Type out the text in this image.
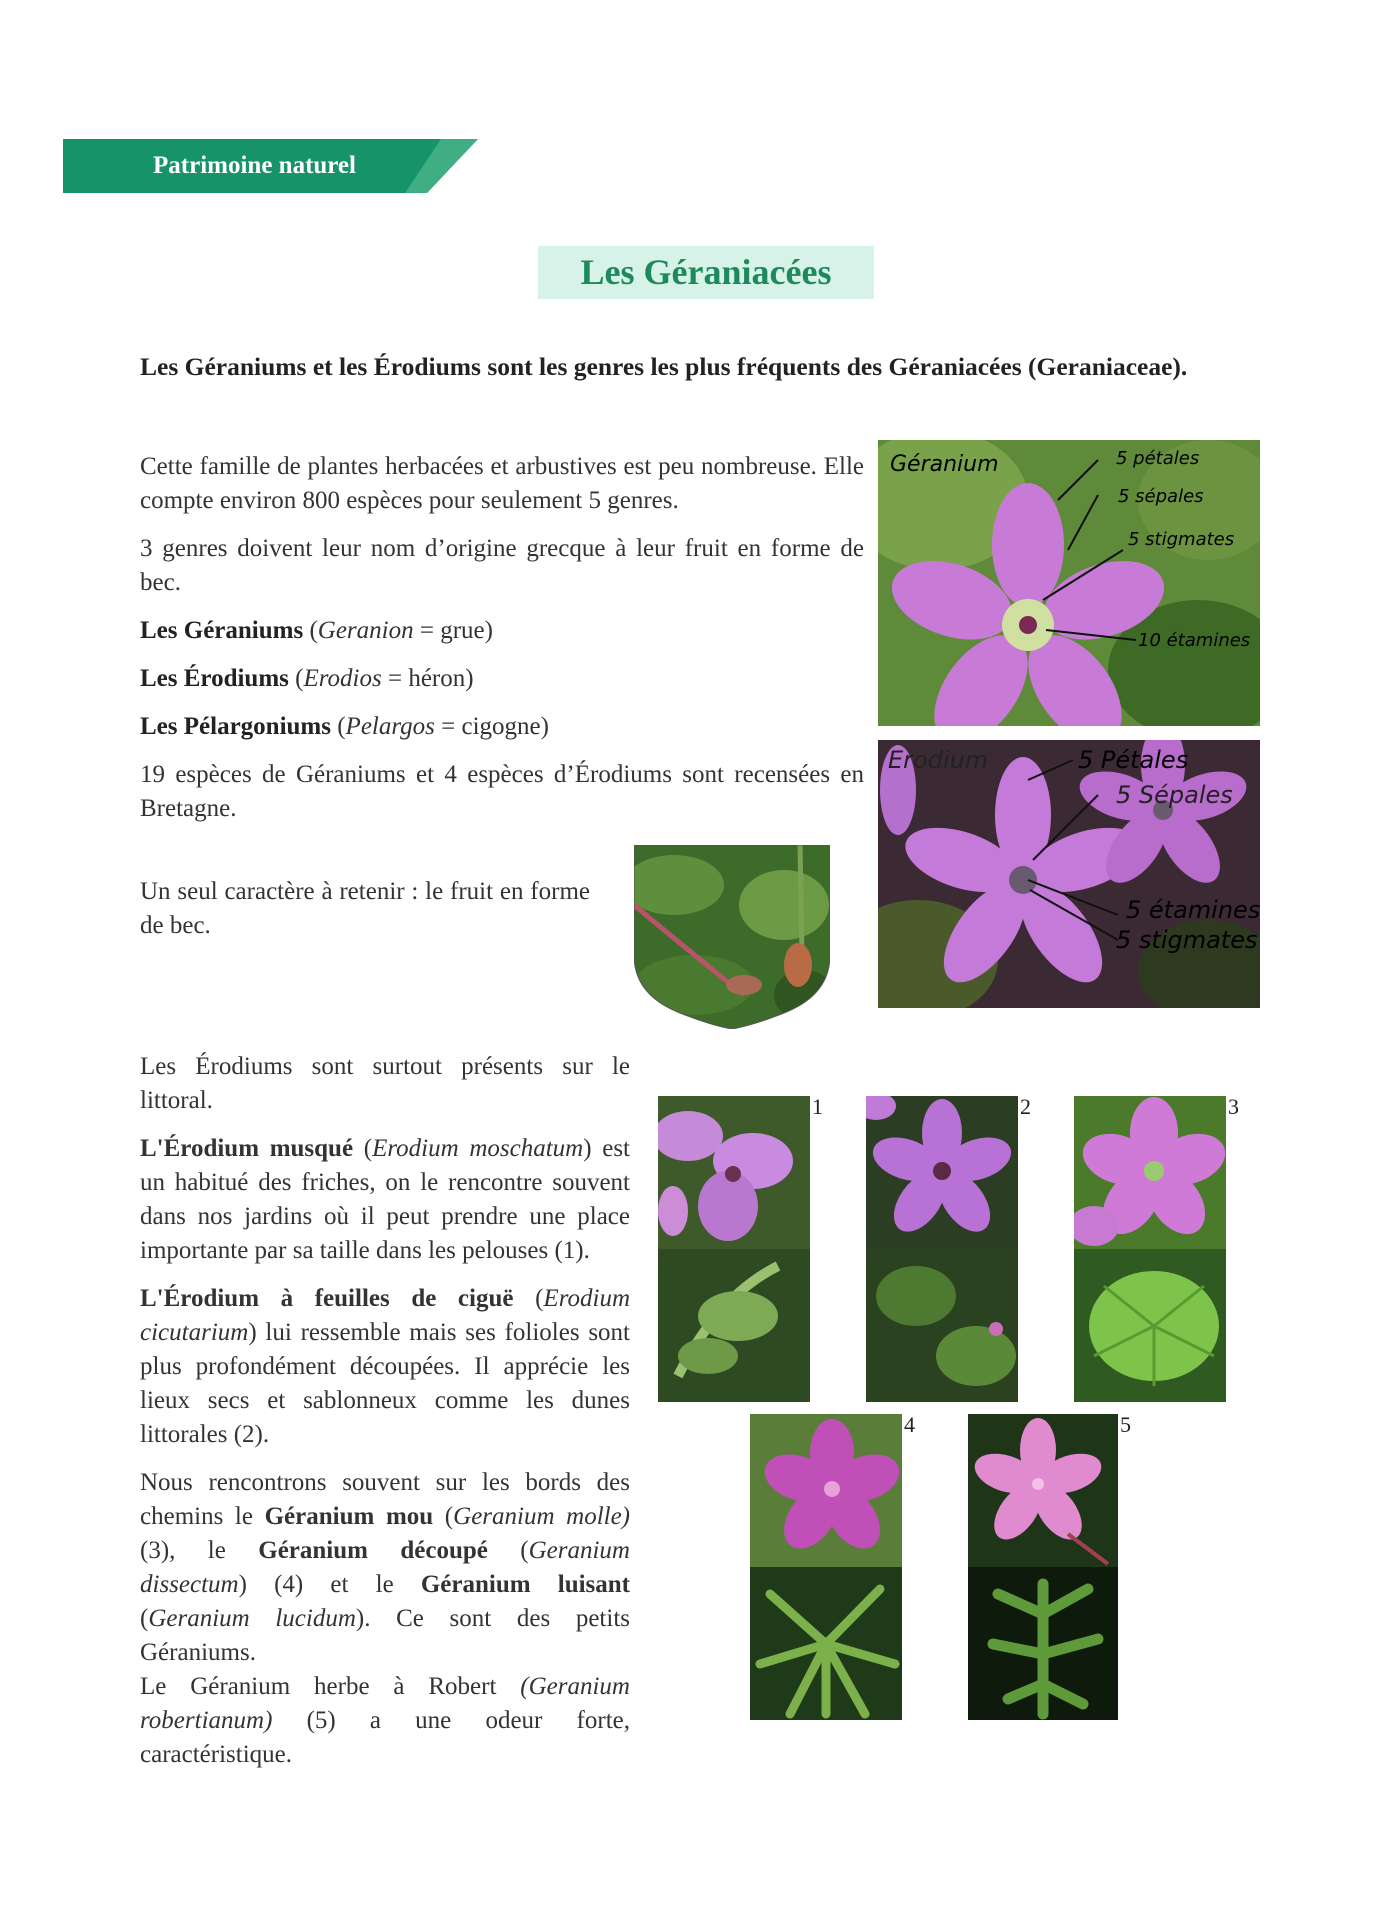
Patrimoine naturel
Les Géraniacées
Les Géraniums et les Érodiums sont les genres les plus fréquents des Géraniacées (Geraniaceae).

Cette famille de plantes herbacées et arbustives est peu nombreuse. Elle compte environ 800 espèces pour seulement 5 genres.

3 genres doivent leur nom d’origine grecque à leur fruit en forme de bec.

Les Géraniums (Geranion = grue)

Les Érodiums (Erodios = héron)

Les Pélargoniums (Pelargos = cigogne)

19 espèces de Géraniums et 4 espèces d’Érodiums sont recensées en Bretagne.

Un seul caractère à retenir : le fruit en forme de bec.
Géranium	5 pétales
5 sépales
5 stigmates
10 étamines
Erodium	5 Pétales
5 Sépales
5 étamines
5 stigmates

Les Érodiums sont surtout présents sur le littoral.

L'Érodium musqué (Erodium moschatum) est un habitué des friches, on le rencontre souvent dans nos jardins où il peut prendre une place importante par sa taille dans les pelouses (1).

L'Érodium à feuilles de ciguë (Erodium cicutarium) lui ressemble mais ses folioles sont plus profondément découpées. Il apprécie les lieux secs et sablonneux comme les dunes littorales (2).

Nous rencontrons souvent sur les bords des chemins le Géranium mou (Geranium molle) (3), le Géranium découpé (Geranium dissectum) (4) et le Géranium luisant (Geranium lucidum). Ce sont des petits Géraniums.
Le Géranium herbe à Robert (Geranium robertianum) (5) a une odeur forte, caractéristique.

1	2	3
4	5
